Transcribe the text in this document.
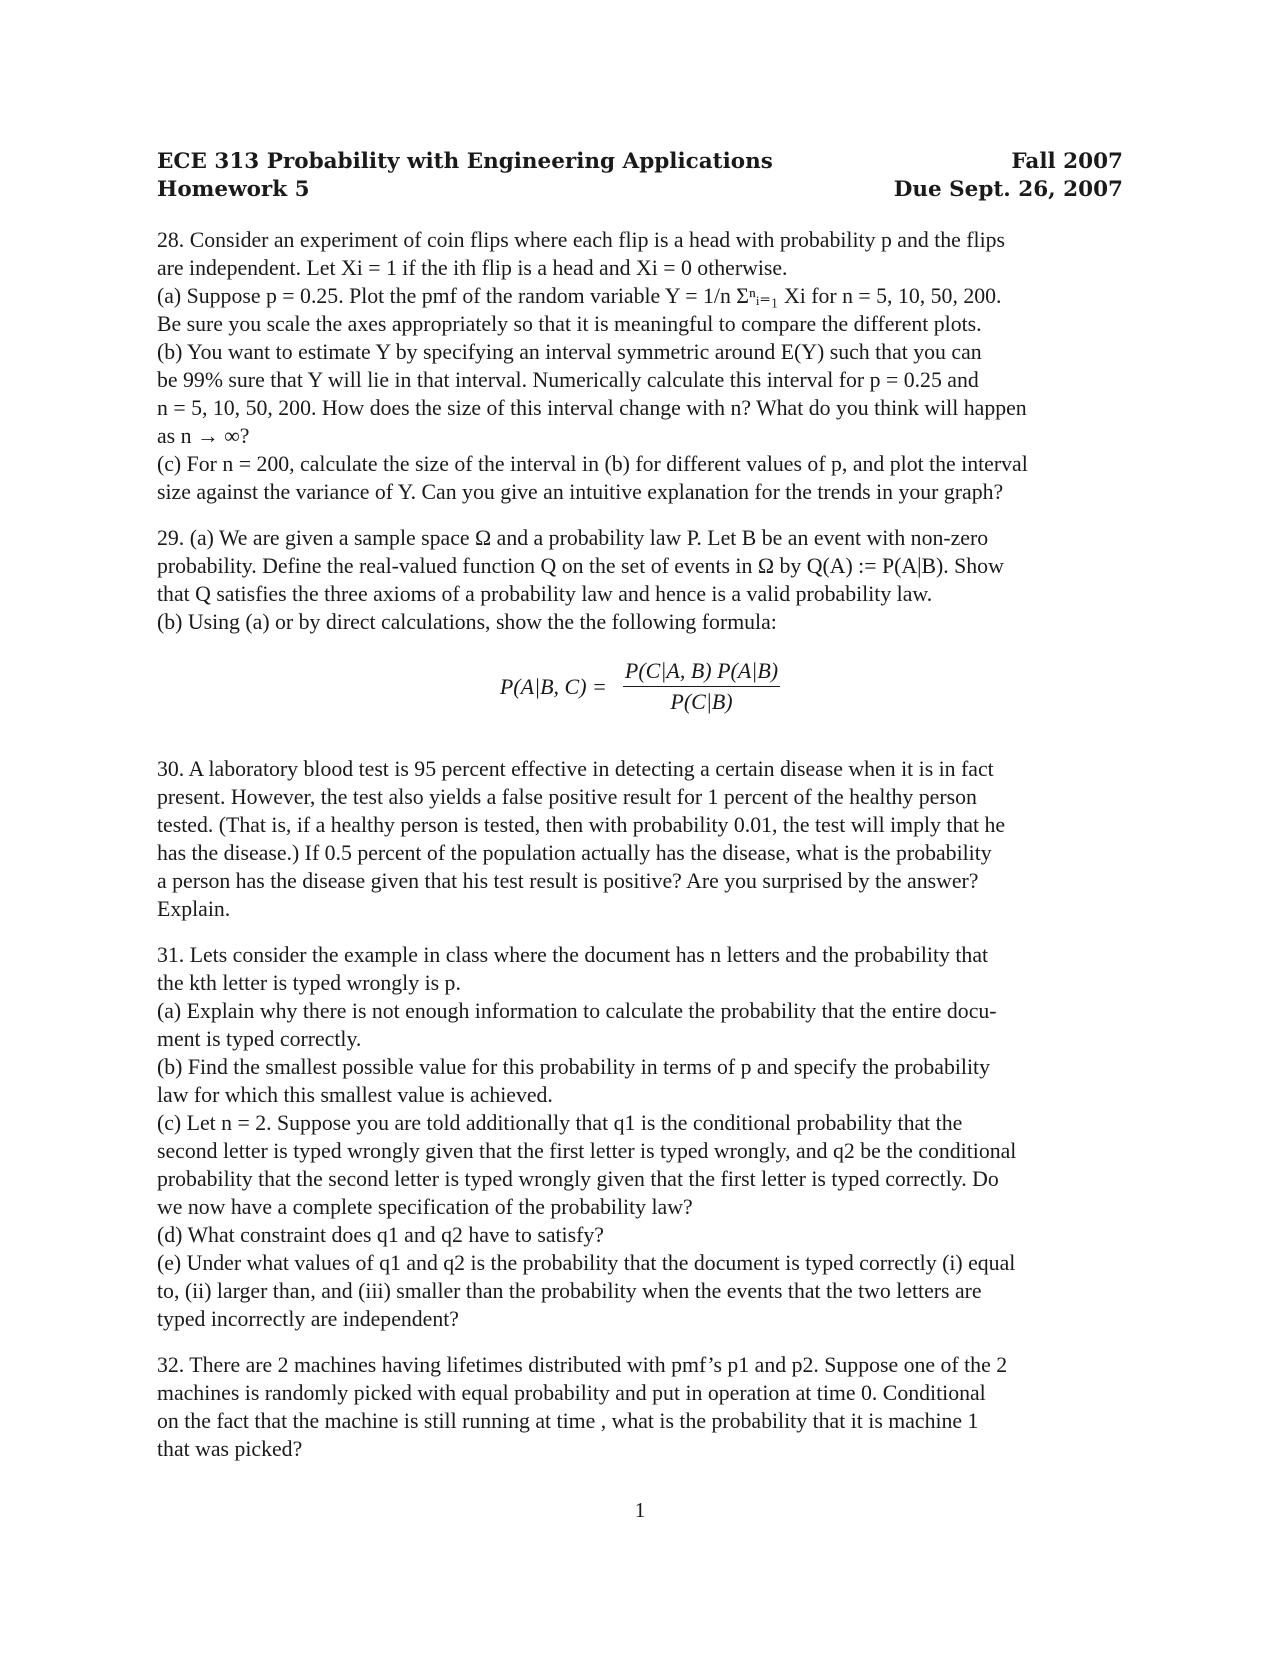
ECE 313 Probability with Engineering Applications	Fall 2007
Homework 5	Due Sept. 26, 2007

28. Consider an experiment of coin flips where each flip is a head with probability p and the flips
are independent. Let Xi = 1 if the ith flip is a head and Xi = 0 otherwise.
(a) Suppose p = 0.25. Plot the pmf of the random variable Y = 1/n Σⁿᵢ₌₁ Xi for n = 5, 10, 50, 200.
Be sure you scale the axes appropriately so that it is meaningful to compare the different plots.
(b) You want to estimate Y by specifying an interval symmetric around E(Y) such that you can
be 99% sure that Y will lie in that interval. Numerically calculate this interval for p = 0.25 and
n = 5, 10, 50, 200. How does the size of this interval change with n? What do you think will happen
as n → ∞?
(c) For n = 200, calculate the size of the interval in (b) for different values of p, and plot the interval
size against the variance of Y. Can you give an intuitive explanation for the trends in your graph?

29. (a) We are given a sample space Ω and a probability law P. Let B be an event with non-zero
probability. Define the real-valued function Q on the set of events in Ω by Q(A) := P(A|B). Show
that Q satisfies the three axioms of a probability law and hence is a valid probability law.
(b) Using (a) or by direct calculations, show the the following formula:

P(A|B, $C) = \frac{P(C|A, B) P(A|B)}{P(C|B)}$

30. A laboratory blood test is 95 percent effective in detecting a certain disease when it is in fact
present. However, the test also yields a false positive result for 1 percent of the healthy person
tested. (That is, if a healthy person is tested, then with probability 0.01, the test will imply that he
has the disease.) If 0.5 percent of the population actually has the disease, what is the probability
a person has the disease given that his test result is positive? Are you surprised by the answer?
Explain.

31. Lets consider the example in class where the document has n letters and the probability that
the kth letter is typed wrongly is p.
(a) Explain why there is not enough information to calculate the probability that the entire docu-
ment is typed correctly.
(b) Find the smallest possible value for this probability in terms of p and specify the probability
law for which this smallest value is achieved.
(c) Let n = 2. Suppose you are told additionally that q1 is the conditional probability that the
second letter is typed wrongly given that the first letter is typed wrongly, and q2 be the conditional
probability that the second letter is typed wrongly given that the first letter is typed correctly. Do
we now have a complete specification of the probability law?
(d) What constraint does q1 and q2 have to satisfy?
(e) Under what values of q1 and q2 is the probability that the document is typed correctly (i) equal
to, (ii) larger than, and (iii) smaller than the probability when the events that the two letters are
typed incorrectly are independent?

32. There are 2 machines having lifetimes distributed with pmf’s p1 and p2. Suppose one of the 2
machines is randomly picked with equal probability and put in operation at time 0. Conditional
on the fact that the machine is still running at time , what is the probability that it is machine 1
that was picked?

1
